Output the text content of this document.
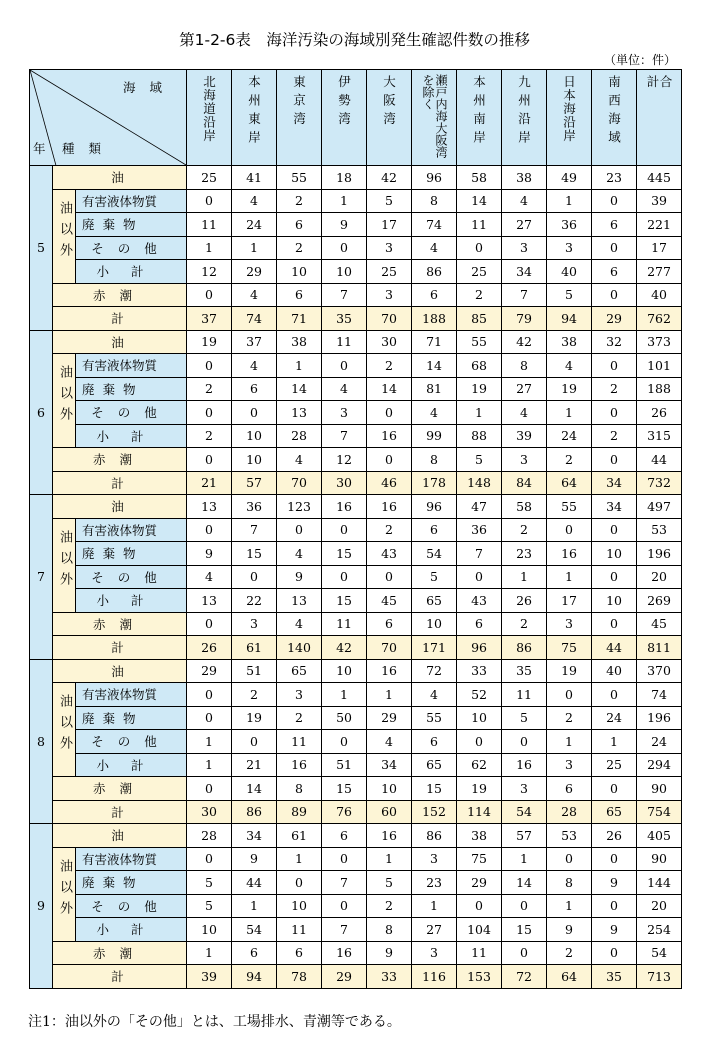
第1-2-6表　海洋汚染の海域別発生確認件数の推移
（単位：件）
海域
年 種類			北海道沿岸	本州東岸	東京湾	伊勢湾	大阪湾	瀬戸内海大阪湾を除く	本州南岸	九州沿岸	日本海沿岸	南西海域	合計
5	油		25	41	55	18	42	96	58	38	49	23	445
	油以外	有害液体物質	0	4	2	1	5	8	14	4	1	0	39
		廃棄物	11	24	6	9	17	74	11	27	36	6	221
		その他	1	1	2	0	3	4	0	3	3	0	17
		小計	12	29	10	10	25	86	25	34	40	6	277
	赤潮		0	4	6	7	3	6	2	7	5	0	40
	計		37	74	71	35	70	188	85	79	94	29	762
6	油		19	37	38	11	30	71	55	42	38	32	373
	油以外	有害液体物質	0	4	1	0	2	14	68	8	4	0	101
		廃棄物	2	6	14	4	14	81	19	27	19	2	188
		その他	0	0	13	3	0	4	1	4	1	0	26
		小計	2	10	28	7	16	99	88	39	24	2	315
	赤潮		0	10	4	12	0	8	5	3	2	0	44
	計		21	57	70	30	46	178	148	84	64	34	732
7	油		13	36	123	16	16	96	47	58	55	34	497
	油以外	有害液体物質	0	7	0	0	2	6	36	2	0	0	53
		廃棄物	9	15	4	15	43	54	7	23	16	10	196
		その他	4	0	9	0	0	5	0	1	1	0	20
		小計	13	22	13	15	45	65	43	26	17	10	269
	赤潮		0	3	4	11	6	10	6	2	3	0	45
	計		26	61	140	42	70	171	96	86	75	44	811
8	油		29	51	65	10	16	72	33	35	19	40	370
	油以外	有害液体物質	0	2	3	1	1	4	52	11	0	0	74
		廃棄物	0	19	2	50	29	55	10	5	2	24	196
		その他	1	0	11	0	4	6	0	0	1	1	24
		小計	1	21	16	51	34	65	62	16	3	25	294
	赤潮		0	14	8	15	10	15	19	3	6	0	90
	計		30	86	89	76	60	152	114	54	28	65	754
9	油		28	34	61	6	16	86	38	57	53	26	405
	油以外	有害液体物質	0	9	1	0	1	3	75	1	0	0	90
		廃棄物	5	44	0	7	5	23	29	14	8	9	144
		その他	5	1	10	0	2	1	0	0	1	0	20
		小計	10	54	11	7	8	27	104	15	9	9	254
	赤潮		1	6	6	16	9	3	11	0	2	0	54
	計		39	94	78	29	33	116	153	72	64	35	713
注1：油以外の「その他」とは、工場排水、青潮等である。
